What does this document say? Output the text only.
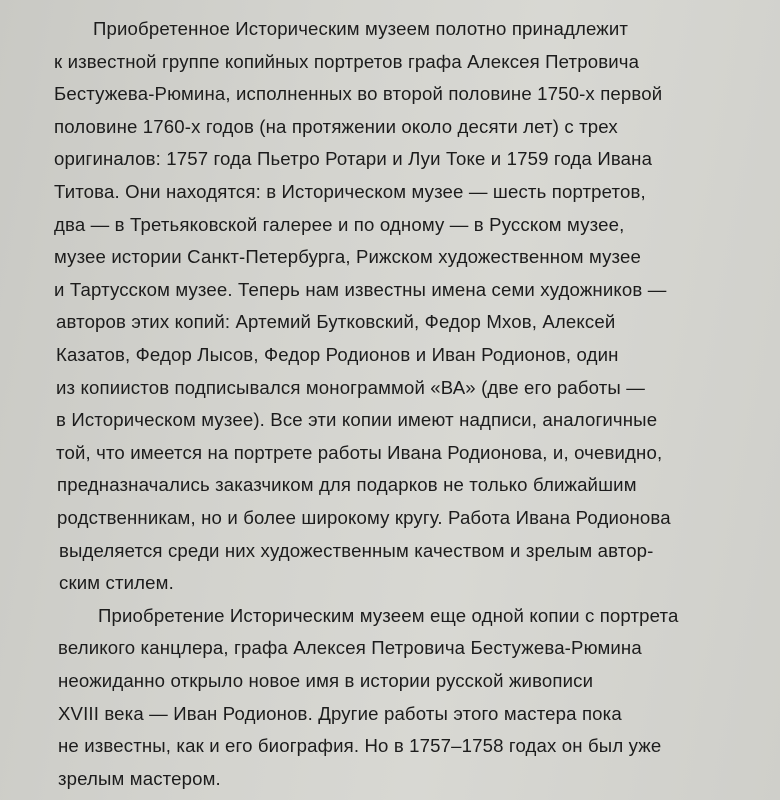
Приобретенное Историческим музеем полотно принадлежит

к известной группе копийных портретов графа Алексея Петровича

Бестужева-Рюмина, исполненных во второй половине 1750-х первой

половине 1760-х годов (на протяжении около десяти лет) с трех

оригиналов: 1757 года Пьетро Ротари и Луи Токе и 1759 года Ивана

Титова. Они находятся: в Историческом музее — шесть портретов,

два — в Третьяковской галерее и по одному — в Русском музее,

музее истории Санкт-Петербурга, Рижском художественном музее

и Тартусском музее. Теперь нам известны имена семи художников —

авторов этих копий: Артемий Бутковский, Федор Мхов, Алексей

Казатов, Федор Лысов, Федор Родионов и Иван Родионов, один

из копиистов подписывался монограммой «ВА» (две его работы —

в Историческом музее). Все эти копии имеют надписи, аналогичные

той, что имеется на портрете работы Ивана Родионова, и, очевидно,

предназначались заказчиком для подарков не только ближайшим

родственникам, но и более широкому кругу. Работа Ивана Родионова

выделяется среди них художественным качеством и зрелым автор-

ским стилем.

Приобретение Историческим музеем еще одной копии с портрета

великого канцлера, графа Алексея Петровича Бестужева-Рюмина

неожиданно открыло новое имя в истории русской живописи

XVIII века — Иван Родионов. Другие работы этого мастера пока

не известны, как и его биография. Но в 1757–1758 годах он был уже

зрелым мастером.
